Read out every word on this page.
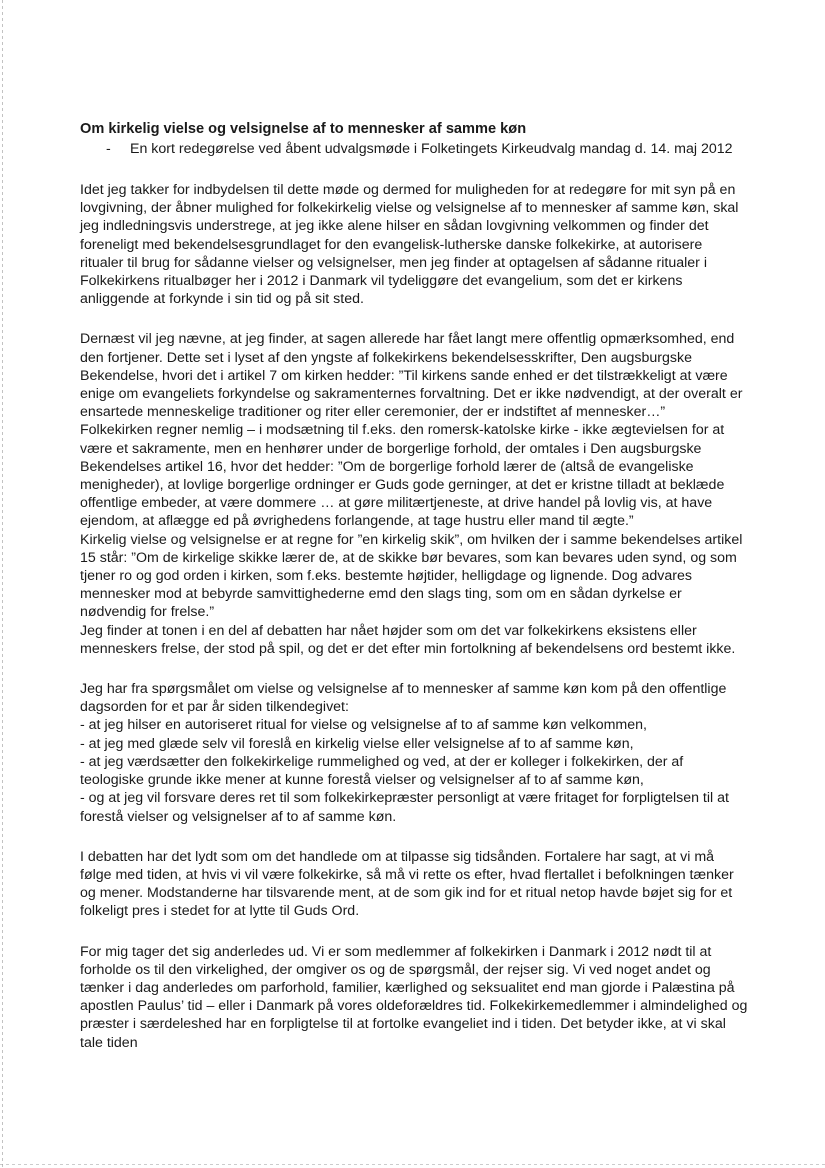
Om kirkelig vielse og velsignelse af to mennesker af samme køn

- En kort redegørelse ved åbent udvalgsmøde i Folketingets Kirkeudvalg mandag d. 14. maj 2012

Idet jeg takker for indbydelsen til dette møde og dermed for muligheden for at redegøre for mit syn på en lovgivning, der åbner mulighed for folkekirkelig vielse og velsignelse af to mennesker af samme køn, skal jeg indledningsvis understrege, at jeg ikke alene hilser en sådan lovgivning velkommen og finder det foreneligt med bekendelsesgrundlaget for den evangelisk-lutherske danske folkekirke, at autorisere ritualer til brug for sådanne vielser og velsignelser, men jeg finder at optagelsen af sådanne ritualer i Folkekirkens ritualbøger her i 2012 i Danmark vil tydeliggøre det evangelium, som det er kirkens anliggende at forkynde i sin tid og på sit sted.

Dernæst vil jeg nævne, at jeg finder, at sagen allerede har fået langt mere offentlig opmærksomhed, end den fortjener. Dette set i lyset af den yngste af folkekirkens bekendelsesskrifter, Den augsburgske Bekendelse, hvori det i artikel 7 om kirken hedder: ”Til kirkens sande enhed er det tilstrækkeligt at være enige om evangeliets forkyndelse og sakramenternes forvaltning. Det er ikke nødvendigt, at der overalt er ensartede menneskelige traditioner og riter eller ceremonier, der er indstiftet af mennesker…”

Folkekirken regner nemlig – i modsætning til f.eks. den romersk-katolske kirke - ikke ægtevielsen for at være et sakramente, men en henhører under de borgerlige forhold, der omtales i Den augsburgske Bekendelses artikel 16, hvor det hedder: ”Om de borgerlige forhold lærer de (altså de evangeliske menigheder), at lovlige borgerlige ordninger er Guds gode gerninger, at det er kristne tilladt at beklæde offentlige embeder, at være dommere … at gøre militærtjeneste, at drive handel på lovlig vis, at have ejendom, at aflægge ed på øvrighedens forlangende, at tage hustru eller mand til ægte.”

Kirkelig vielse og velsignelse er at regne for ”en kirkelig skik”, om hvilken der i samme bekendelses artikel 15 står: ”Om de kirkelige skikke lærer de, at de skikke bør bevares, som kan bevares uden synd, og som tjener ro og god orden i kirken, som f.eks. bestemte højtider, helligdage og lignende. Dog advares mennesker mod at bebyrde samvittighederne emd den slags ting, som om en sådan dyrkelse er nødvendig for frelse.”

Jeg finder at tonen i en del af debatten har nået højder som om det var folkekirkens eksistens eller menneskers frelse, der stod på spil, og det er det efter min fortolkning af bekendelsens ord bestemt ikke.

Jeg har fra spørgsmålet om vielse og velsignelse af to mennesker af samme køn kom på den offentlige dagsorden for et par år siden tilkendegivet:

- at jeg hilser en autoriseret ritual for vielse og velsignelse af to af samme køn velkommen,

- at jeg med glæde selv vil foreslå en kirkelig vielse eller velsignelse af to af samme køn,

- at jeg værdsætter den folkekirkelige rummelighed og ved, at der er kolleger i folkekirken, der af teologiske grunde ikke mener at kunne forestå vielser og velsignelser af to af samme køn,

- og at jeg vil forsvare deres ret til som folkekirkepræster personligt at være fritaget for forpligtelsen til at forestå vielser og velsignelser af to af samme køn.

I debatten har det lydt som om det handlede om at tilpasse sig tidsånden. Fortalere har sagt, at vi må følge med tiden, at hvis vi vil være folkekirke, så må vi rette os efter, hvad flertallet i befolkningen tænker og mener. Modstanderne har tilsvarende ment, at de som gik ind for et ritual netop havde bøjet sig for et folkeligt pres i stedet for at lytte til Guds Ord.

For mig tager det sig anderledes ud. Vi er som medlemmer af folkekirken i Danmark i 2012 nødt til at forholde os til den virkelighed, der omgiver os og de spørgsmål, der rejser sig. Vi ved noget andet og tænker i dag anderledes om parforhold, familier, kærlighed og seksualitet end man gjorde i Palæstina på apostlen Paulus’ tid – eller i Danmark på vores oldeforældres tid. Folkekirkemedlemmer i almindelighed og præster i særdeleshed har en forpligtelse til at fortolke evangeliet ind i tiden. Det betyder ikke, at vi skal tale tiden
